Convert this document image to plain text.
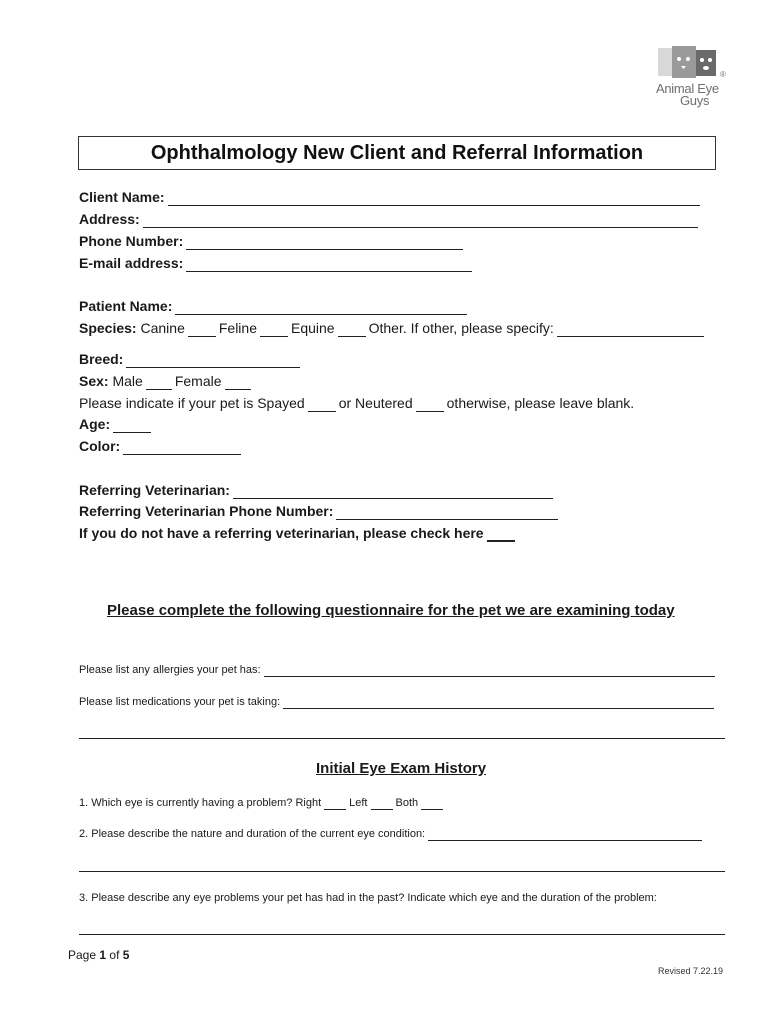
Animal Eye
Guys
®
Ophthalmology New Client and Referral Information
Client Name:
Address:
Phone Number:
E-mail address:
Patient Name:
Species:
Canine Feline Equine Other. If other, please specify:
Breed:
Sex:
Male Female
Please indicate if your pet is Spayed or Neutered otherwise, please leave blank.
Age:
Color:
Referring Veterinarian:
Referring Veterinarian Phone Number:
If you do not have a referring veterinarian, please check here
Please complete the following questionnaire for the pet we are examining today
Please list any allergies your pet has:
Please list medications your pet is taking:
Initial Eye Exam History
1. Which eye is currently having a problem?
Right	Left	Both
2. Please describe the nature and duration of the current eye condition:
3. Please describe any eye problems your pet has had in the past? Indicate which eye and the duration of the problem:
Page 1 of 5
Revised 7.22.19
